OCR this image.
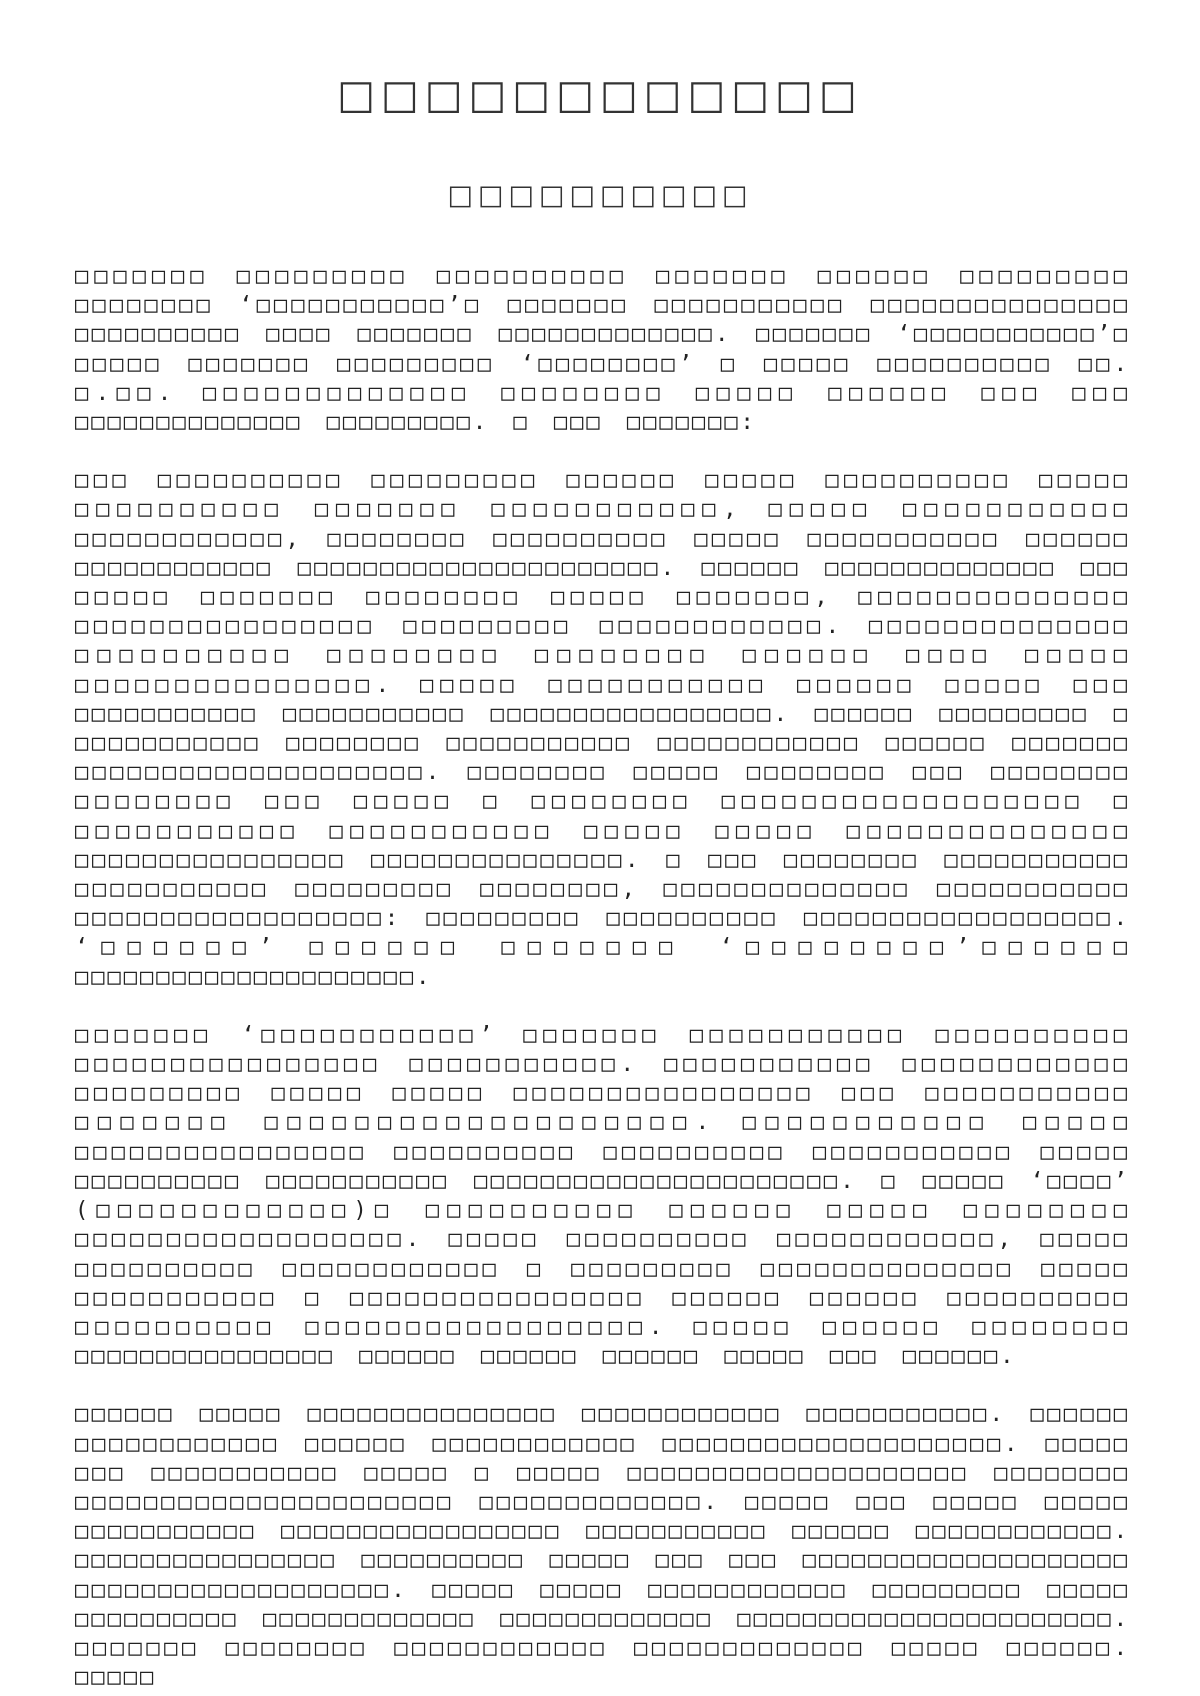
□□□□□□□□□□□□
□□□□□□□□□□

□□□□□□□ □□□□□□□□□ □□□□□□□□□□ □□□□□□□ □□□□□□ □□□□□□□□□ □□□□□□□□ ‘□□□□□□□□□□□’□ □□□□□□□ □□□□□□□□□□□ □□□□□□□□□□□□□□□ □□□□□□□□□□ □□□□ □□□□□□□ □□□□□□□□□□□□□. □□□□□□□ ‘□□□□□□□□□□□’□ □□□□□ □□□□□□□ □□□□□□□□□ ‘□□□□□□□□’ □ □□□□□ □□□□□□□□□□ □□. □.□□. □□□□□□□□□□□□□ □□□□□□□□ □□□□□ □□□□□□ □□□ □□□ □□□□□□□□□□□□□□ □□□□□□□□□. □ □□□ □□□□□□□:

□□□ □□□□□□□□□□ □□□□□□□□□ □□□□□□ □□□□□ □□□□□□□□□□ □□□□□ □□□□□□□□□□ □□□□□□□ □□□□□□□□□□□, □□□□□ □□□□□□□□□□□ □□□□□□□□□□□□, □□□□□□□□ □□□□□□□□□□ □□□□□ □□□□□□□□□□□ □□□□□□ □□□□□□□□□□□□ □□□□□□□□□□□□□□□□□□□□□□. □□□□□□ □□□□□□□□□□□□□□ □□□ □□□□□ □□□□□□□ □□□□□□□□ □□□□□ □□□□□□□, □□□□□□□□□□□□□□ □□□□□□□□□□□□□□□□ □□□□□□□□□ □□□□□□□□□□□□. □□□□□□□□□□□□□□ □□□□□□□□□□ □□□□□□□□ □□□□□□□□ □□□□□□ □□□□ □□□□□ □□□□□□□□□□□□□□□. □□□□□ □□□□□□□□□□□ □□□□□□ □□□□□ □□□ □□□□□□□□□□□ □□□□□□□□□□□ □□□□□□□□□□□□□□□□□. □□□□□□ □□□□□□□□□ □ □□□□□□□□□□□ □□□□□□□□ □□□□□□□□□□□ □□□□□□□□□□□□ □□□□□□ □□□□□□□ □□□□□□□□□□□□□□□□□□□□. □□□□□□□□ □□□□□ □□□□□□□□ □□□ □□□□□□□□ □□□□□□□□ □□□ □□□□□ □ □□□□□□□□ □□□□□□□□□□□□□□□□□□ □ □□□□□□□□□□□ □□□□□□□□□□□ □□□□□ □□□□□ □□□□□□□□□□□□□□ □□□□□□□□□□□□□□□□ □□□□□□□□□□□□□□□. □ □□□ □□□□□□□□ □□□□□□□□□□□ □□□□□□□□□□□ □□□□□□□□□ □□□□□□□□, □□□□□□□□□□□□□□ □□□□□□□□□□□ □□□□□□□□□□□□□□□□□□: □□□□□□□□□ □□□□□□□□□□ □□□□□□□□□□□□□□□□□□. ‘□□□□□□’ □□□□□□ □□□□□□□ ‘□□□□□□□□’□□□□□□ □□□□□□□□□□□□□□□□□□□□□.

□□□□□□□ ‘□□□□□□□□□□□’ □□□□□□□ □□□□□□□□□□□ □□□□□□□□□□ □□□□□□□□□□□□□□□□ □□□□□□□□□□□. □□□□□□□□□□□ □□□□□□□□□□□□ □□□□□□□□□ □□□□□ □□□□□ □□□□□□□□□□□□□□□□ □□□ □□□□□□□□□□□ □□□□□□□ □□□□□□□□□□□□□□□□□□□. □□□□□□□□□□□ □□□□□ □□□□□□□□□□□□□□□□ □□□□□□□□□□ □□□□□□□□□□ □□□□□□□□□□□ □□□□□ □□□□□□□□□□ □□□□□□□□□□□ □□□□□□□□□□□□□□□□□□□□□□. □ □□□□□ ‘□□□□’ (□□□□□□□□□□□□)□ □□□□□□□□□□ □□□□□□ □□□□□ □□□□□□□□ □□□□□□□□□□□□□□□□□□. □□□□□ □□□□□□□□□□ □□□□□□□□□□□□, □□□□□ □□□□□□□□□□ □□□□□□□□□□□□ □ □□□□□□□□□ □□□□□□□□□□□□□□ □□□□□ □□□□□□□□□□□ □ □□□□□□□□□□□□□□□□ □□□□□□ □□□□□□ □□□□□□□□□□ □□□□□□□□□□ □□□□□□□□□□□□□□□□□. □□□□□ □□□□□□ □□□□□□□□ □□□□□□□□□□□□□□□□ □□□□□□ □□□□□□ □□□□□□ □□□□□ □□□ □□□□□□.

□□□□□□ □□□□□ □□□□□□□□□□□□□□□ □□□□□□□□□□□□ □□□□□□□□□□□. □□□□□□ □□□□□□□□□□□□ □□□□□□ □□□□□□□□□□□□ □□□□□□□□□□□□□□□□□□□□. □□□□□ □□□ □□□□□□□□□□□ □□□□□ □ □□□□□ □□□□□□□□□□□□□□□□□□□□ □□□□□□□□ □□□□□□□□□□□□□□□□□□□□□□ □□□□□□□□□□□□□. □□□□□ □□□ □□□□□ □□□□□ □□□□□□□□□□□ □□□□□□□□□□□□□□□□□ □□□□□□□□□□□ □□□□□□ □□□□□□□□□□□□. □□□□□□□□□□□□□□□□ □□□□□□□□□□ □□□□□ □□□ □□□ □□□□□□□□□□□□□□□□□□□□ □□□□□□□□□□□□□□□□□□□. □□□□□ □□□□□ □□□□□□□□□□□□ □□□□□□□□□ □□□□□ □□□□□□□□□□ □□□□□□□□□□□□□ □□□□□□□□□□□□□ □□□□□□□□□□□□□□□□□□□□□□□. □□□□□□□ □□□□□□□□ □□□□□□□□□□□□ □□□□□□□□□□□□□ □□□□□ □□□□□□. □□□□□
